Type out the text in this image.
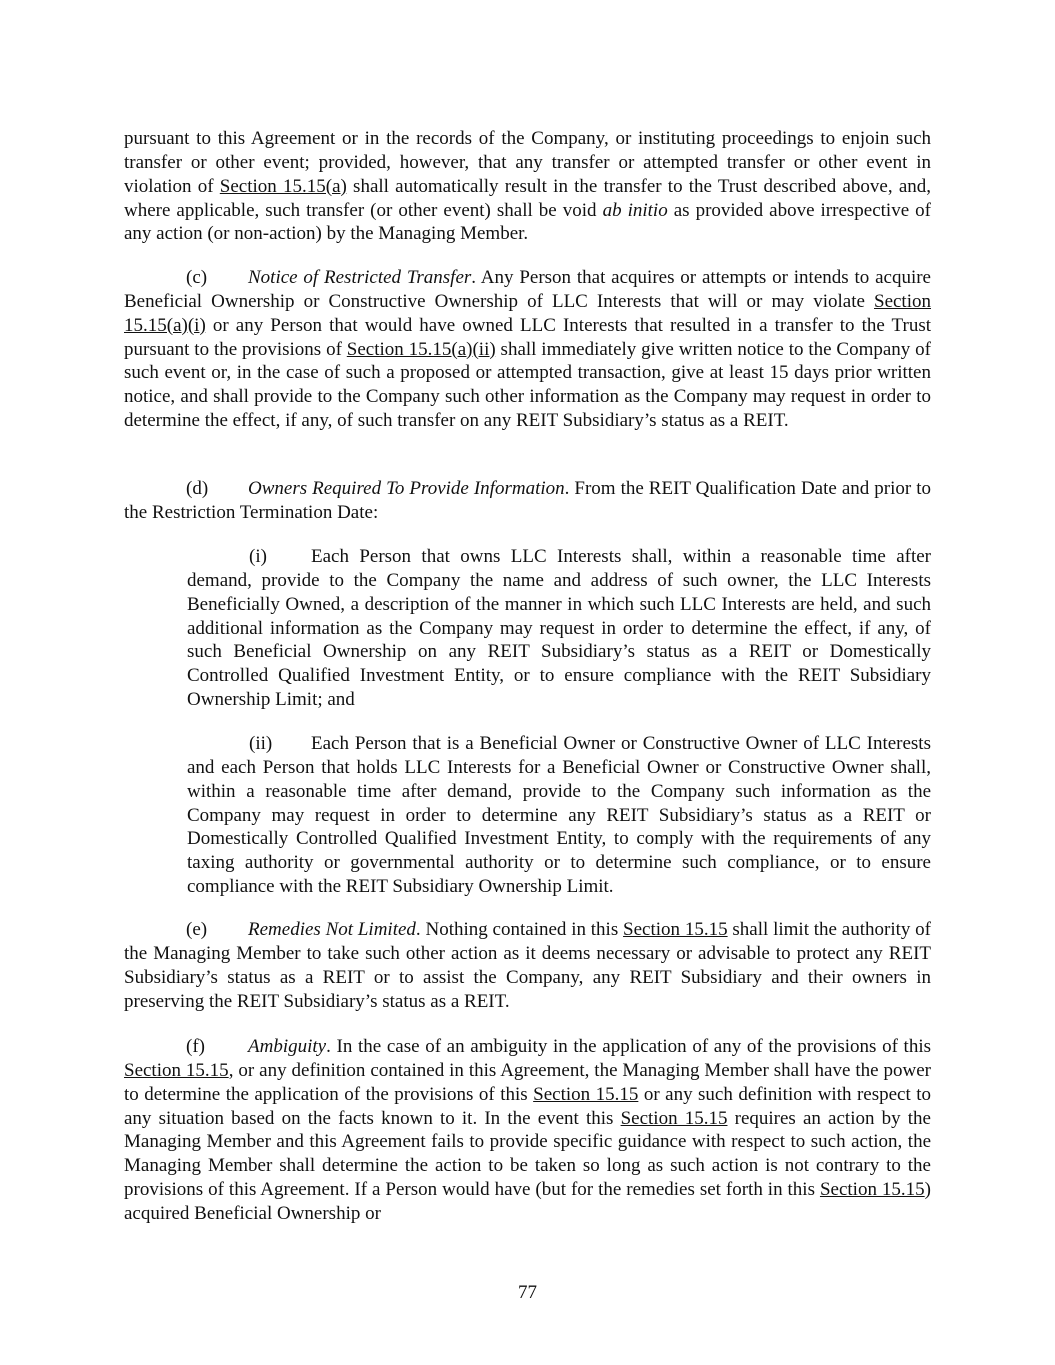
pursuant to this Agreement or in the records of the Company, or instituting proceedings to enjoin such transfer or other event; provided, however, that any transfer or attempted transfer or other event in violation of Section 15.15(a) shall automatically result in the transfer to the Trust described above, and, where applicable, such transfer (or other event) shall be void ab initio as provided above irrespective of any action (or non-action) by the Managing Member.

(c) Notice of Restricted Transfer. Any Person that acquires or attempts or intends to acquire Beneficial Ownership or Constructive Ownership of LLC Interests that will or may violate Section 15.15(a)(i) or any Person that would have owned LLC Interests that resulted in a transfer to the Trust pursuant to the provisions of Section 15.15(a)(ii) shall immediately give written notice to the Company of such event or, in the case of such a proposed or attempted transaction, give at least 15 days prior written notice, and shall provide to the Company such other information as the Company may request in order to determine the effect, if any, of such transfer on any REIT Subsidiary’s status as a REIT.

(d) Owners Required To Provide Information. From the REIT Qualification Date and prior to the Restriction Termination Date:

(i) Each Person that owns LLC Interests shall, within a reasonable time after demand, provide to the Company the name and address of such owner, the LLC Interests Beneficially Owned, a description of the manner in which such LLC Interests are held, and such additional information as the Company may request in order to determine the effect, if any, of such Beneficial Ownership on any REIT Subsidiary’s status as a REIT or Domestically Controlled Qualified Investment Entity, or to ensure compliance with the REIT Subsidiary Ownership Limit; and

(ii) Each Person that is a Beneficial Owner or Constructive Owner of LLC Interests and each Person that holds LLC Interests for a Beneficial Owner or Constructive Owner shall, within a reasonable time after demand, provide to the Company such information as the Company may request in order to determine any REIT Subsidiary’s status as a REIT or Domestically Controlled Qualified Investment Entity, to comply with the requirements of any taxing authority or governmental authority or to determine such compliance, or to ensure compliance with the REIT Subsidiary Ownership Limit.

(e) Remedies Not Limited. Nothing contained in this Section 15.15 shall limit the authority of the Managing Member to take such other action as it deems necessary or advisable to protect any REIT Subsidiary’s status as a REIT or to assist the Company, any REIT Subsidiary and their owners in preserving the REIT Subsidiary’s status as a REIT.

(f) Ambiguity. In the case of an ambiguity in the application of any of the provisions of this Section 15.15, or any definition contained in this Agreement, the Managing Member shall have the power to determine the application of the provisions of this Section 15.15 or any such definition with respect to any situation based on the facts known to it. In the event this Section 15.15 requires an action by the Managing Member and this Agreement fails to provide specific guidance with respect to such action, the Managing Member shall determine the action to be taken so long as such action is not contrary to the provisions of this Agreement. If a Person would have (but for the remedies set forth in this Section 15.15) acquired Beneficial Ownership or

77
